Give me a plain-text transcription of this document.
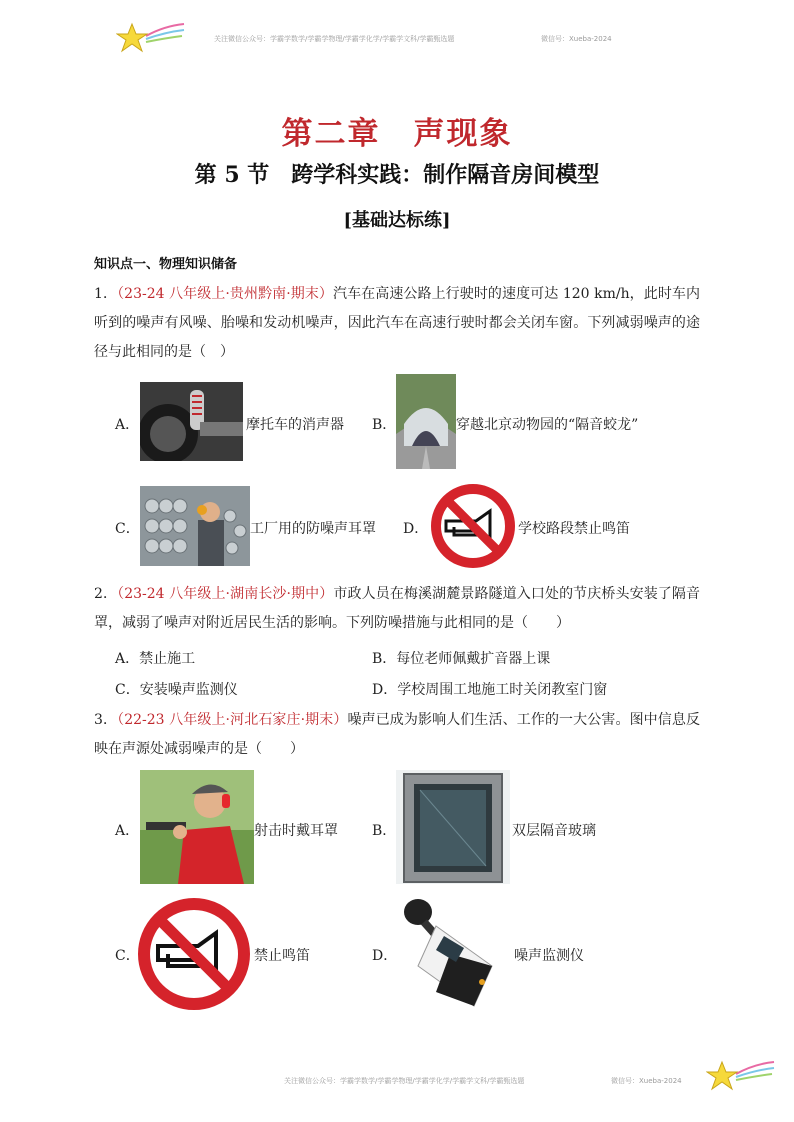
关注微信公众号：学霸学数学/学霸学物理/学霸学化学/学霸学文科/学霸甄选题	微信号：Xueba-2024
第二章　声现象
第 5 节　跨学科实践：制作隔音房间模型
[基础达标练]
知识点一、物理知识储备
1．（23-24 八年级上·贵州黔南·期末）汽车在高速公路上行驶时的速度可达 120 km/h，此时车内听到的噪声有风噪、胎噪和发动机噪声，因此汽车在高速行驶时都会关闭车窗。下列减弱噪声的途径与此相同的是（　）
A．	摩托车的消声器 B．	穿越北京动物园的“隔音蛟龙”
C．	工厂用的防噪声耳罩 D．	学校路段禁止鸣笛
2．（23-24 八年级上·湖南长沙·期中）市政人员在梅溪湖麓景路隧道入口处的节庆桥头安装了隔音罩，减弱了噪声对附近居民生活的影响。下列防噪措施与此相同的是（　　）
A．禁止施工	B．每位老师佩戴扩音器上课
C．安装噪声监测仪	D．学校周围工地施工时关闭教室门窗
3．（22-23 八年级上·河北石家庄·期末）噪声已成为影响人们生活、工作的一大公害。图中信息反映在声源处减弱噪声的是（　　）
A．	射击时戴耳罩 B．	双层隔音玻璃
C．	禁止鸣笛	D．	噪声监测仪
关注微信公众号：学霸学数学/学霸学物理/学霸学化学/学霸学文科/学霸甄选题	微信号：Xueba-2024
